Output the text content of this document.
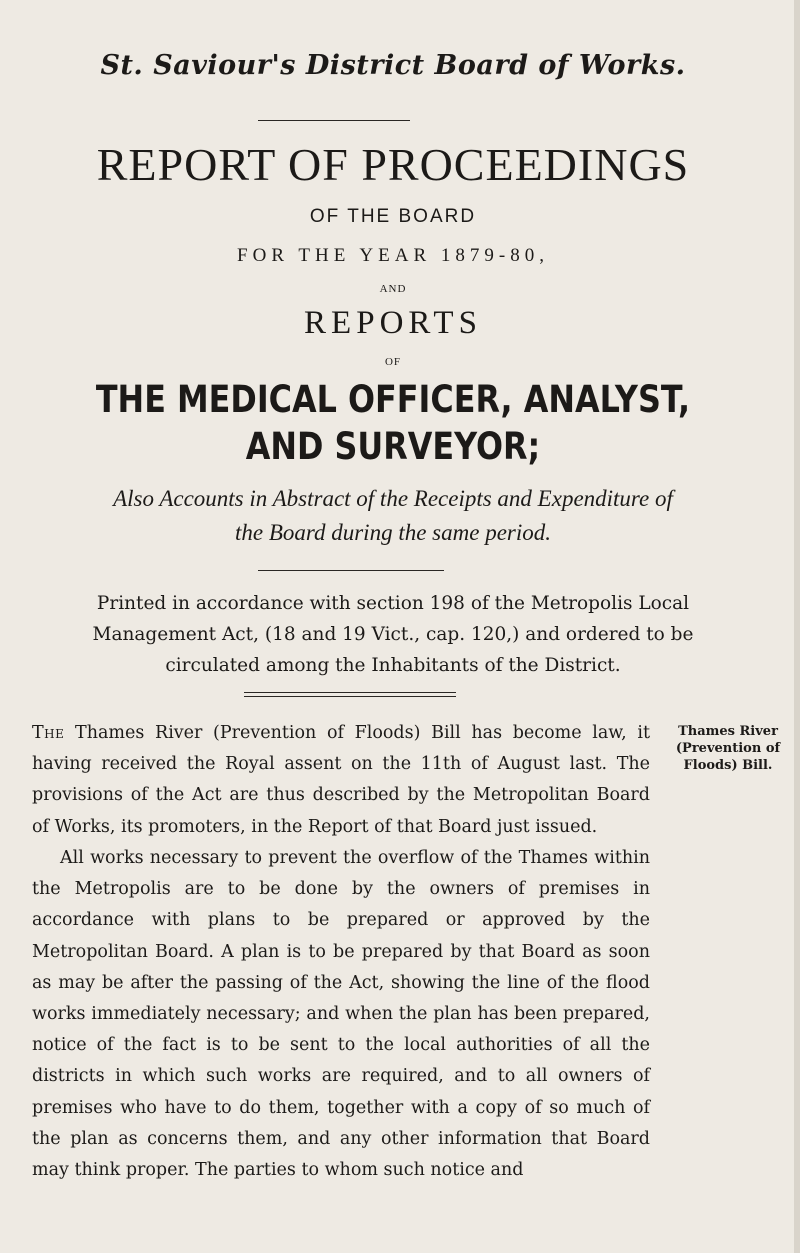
St. Saviour's District Board of Works.
REPORT OF PROCEEDINGS
OF THE BOARD
FOR THE YEAR 1879-80,
AND
REPORTS
OF
THE MEDICAL OFFICER, ANALYST,
AND SURVEYOR;
Also Accounts in Abstract of the Receipts and Expenditure of
the Board during the same period.
Printed in accordance with section 198 of the Metropolis Local
Management Act, (18 and 19 Vict., cap. 120,) and ordered to be
circulated among the Inhabitants of the District.
The Thames River (Prevention of Floods) Bill has become law, it having received the Royal assent on the 11th of August last. The provisions of the Act are thus described by the Metropolitan Board of Works, its promoters, in the Report of that Board just issued.
All works necessary to prevent the overflow of the Thames within the Metropolis are to be done by the owners of premises in accordance with plans to be prepared or approved by the Metropolitan Board. A plan is to be prepared by that Board as soon as may be after the passing of the Act, showing the line of the flood works immediately necessary; and when the plan has been prepared, notice of the fact is to be sent to the local authorities of all the districts in which such works are required, and to all owners of premises who have to do them, together with a copy of so much of the plan as concerns them, and any other information that Board may think proper. The parties to whom such notice and
Thames River
(Prevention of
Floods) Bill.
